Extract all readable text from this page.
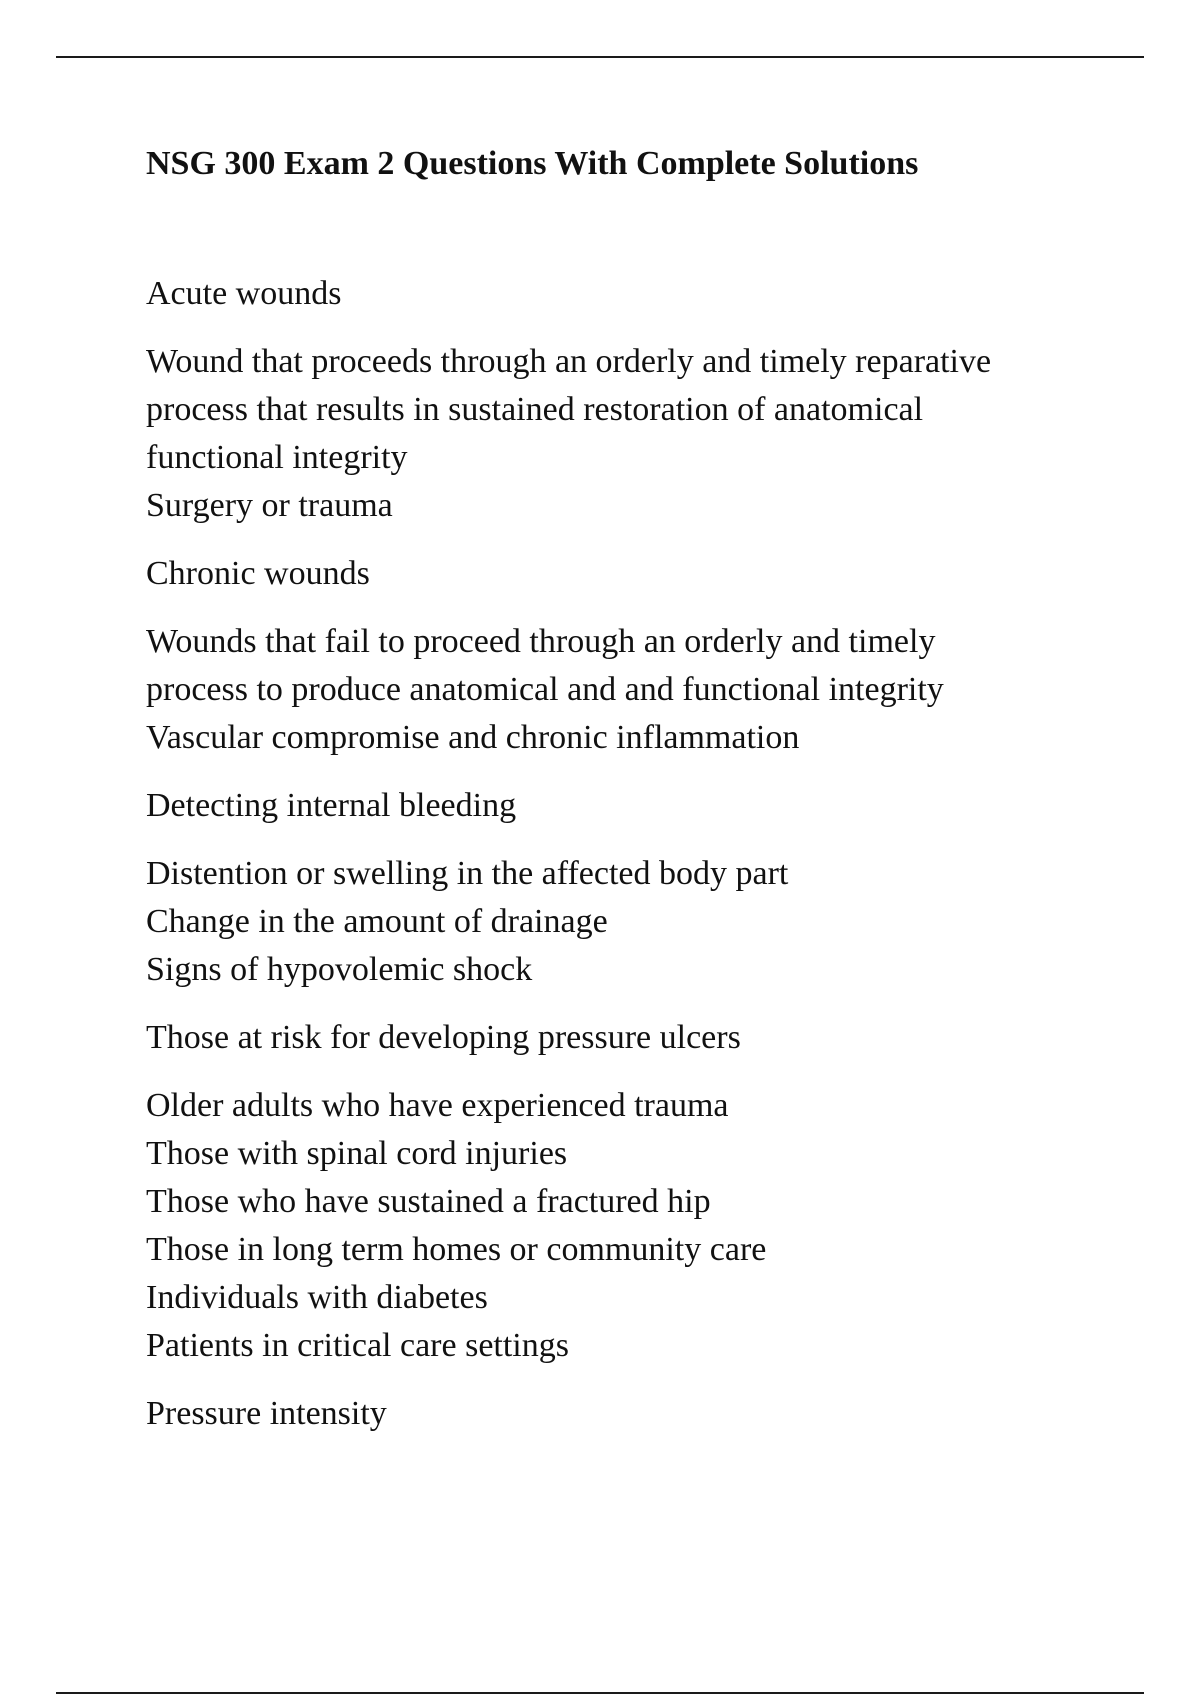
NSG 300 Exam 2 Questions With Complete Solutions

Acute wounds

Wound that proceeds through an orderly and timely reparative
process that results in sustained restoration of anatomical
functional integrity
Surgery or trauma

Chronic wounds

Wounds that fail to proceed through an orderly and timely
process to produce anatomical and and functional integrity
Vascular compromise and chronic inflammation

Detecting internal bleeding

Distention or swelling in the affected body part
Change in the amount of drainage
Signs of hypovolemic shock

Those at risk for developing pressure ulcers

Older adults who have experienced trauma
Those with spinal cord injuries
Those who have sustained a fractured hip
Those in long term homes or community care
Individuals with diabetes
Patients in critical care settings

Pressure intensity
